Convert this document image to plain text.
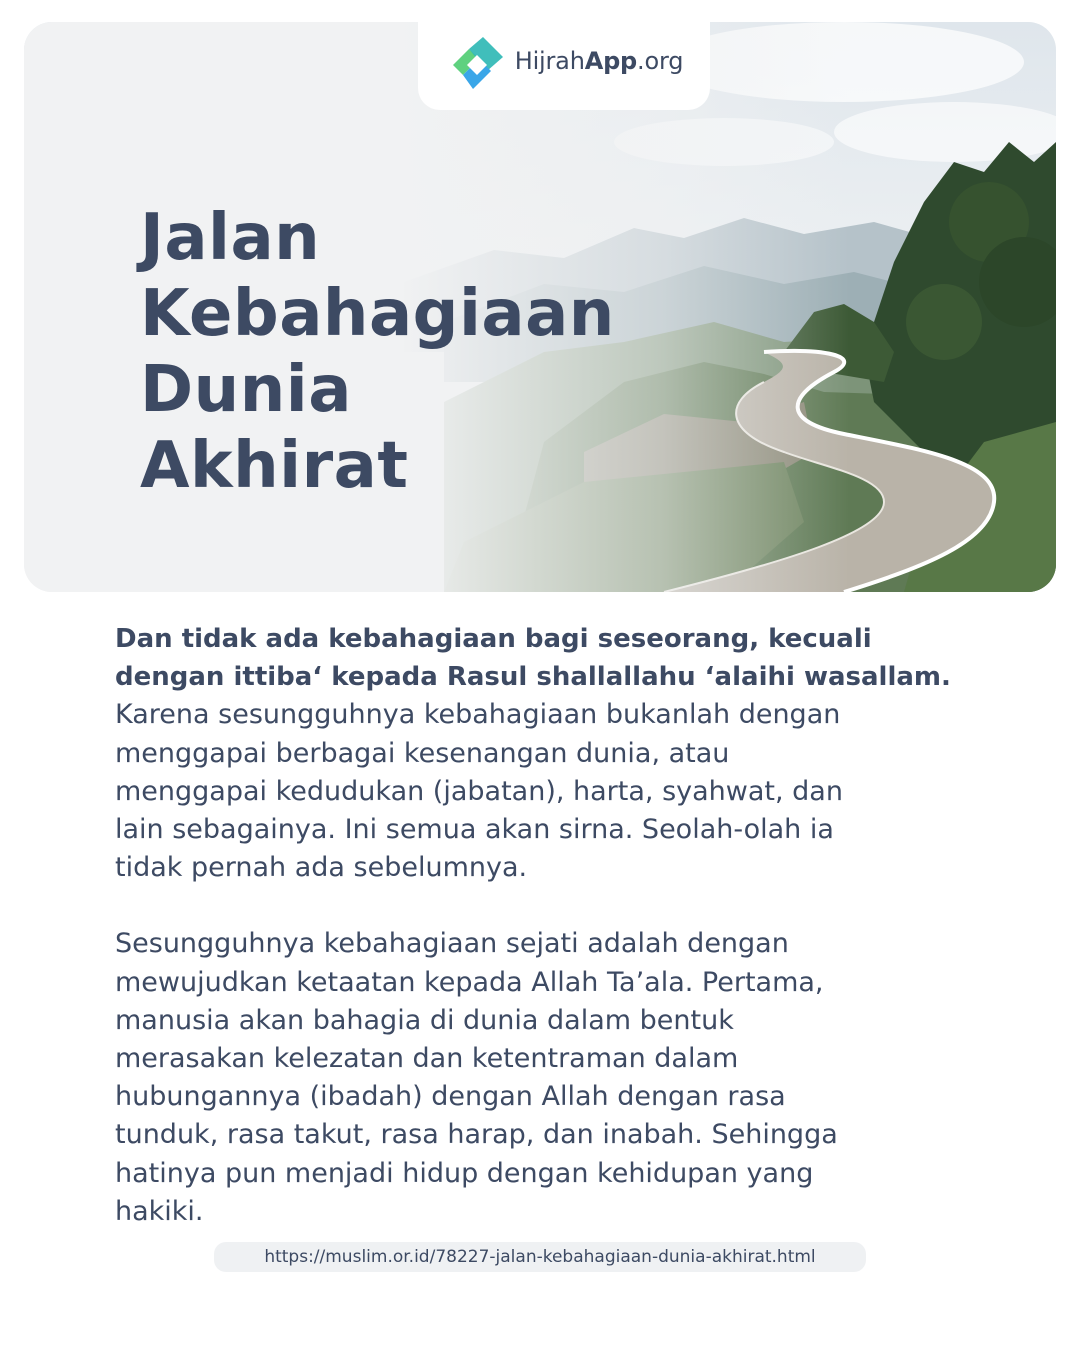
HijrahApp.org
Jalan
Kebahagiaan
Dunia
Akhirat

Dan tidak ada kebahagiaan bagi seseorang, kecuali
dengan ittiba‘ kepada Rasul shallallahu ‘alaihi wasallam.

Karena sesungguhnya kebahagiaan bukanlah dengan
menggapai berbagai kesenangan dunia, atau
menggapai kedudukan (jabatan), harta, syahwat, dan
lain sebagainya. Ini semua akan sirna. Seolah-olah ia
tidak pernah ada sebelumnya.

Sesungguhnya kebahagiaan sejati adalah dengan
mewujudkan ketaatan kepada Allah Ta’ala. Pertama,
manusia akan bahagia di dunia dalam bentuk
merasakan kelezatan dan ketentraman dalam
hubungannya (ibadah) dengan Allah dengan rasa
tunduk, rasa takut, rasa harap, dan inabah. Sehingga
hatinya pun menjadi hidup dengan kehidupan yang
hakiki.

https://muslim.or.id/78227-jalan-kebahagiaan-dunia-akhirat.html
